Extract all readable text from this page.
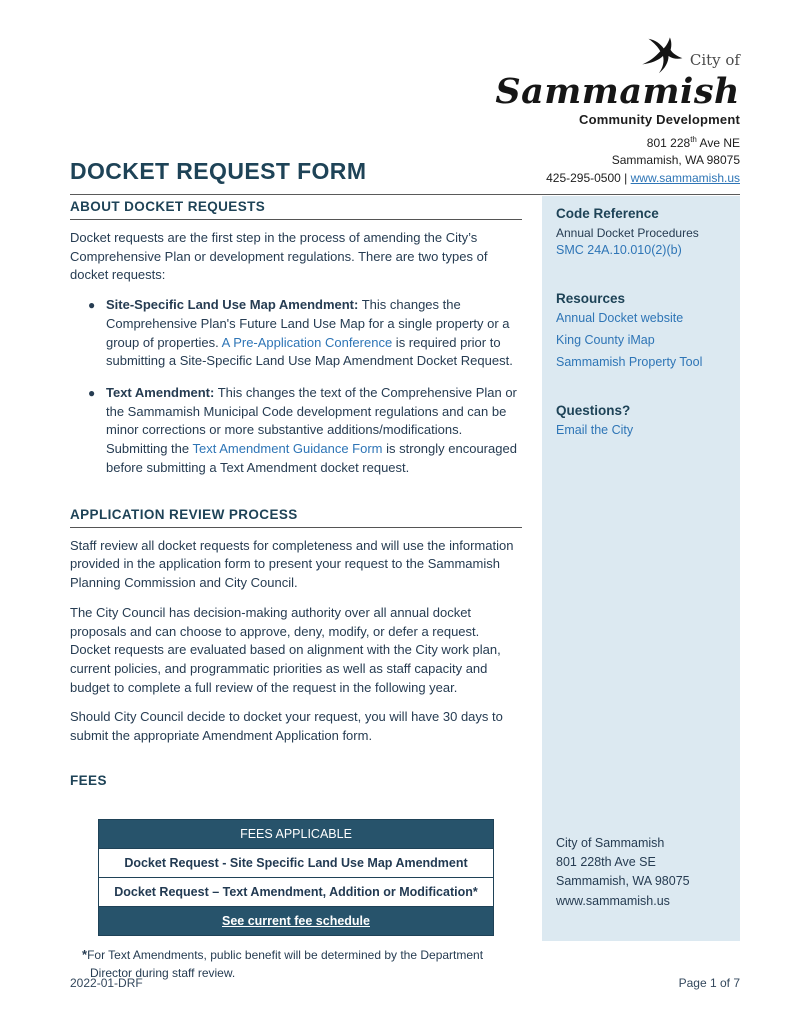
DOCKET REQUEST FORM
City of
Sammamish
Community Development
801 228th Ave NE
Sammamish, WA 98075
425-295-0500 | www.sammamish.us
ABOUT DOCKET REQUESTS
Docket requests are the first step in the process of amending the City’s Comprehensive Plan or development regulations. There are two types of docket requests:
● Site-Specific Land Use Map Amendment: This changes the Comprehensive Plan's Future Land Use Map for a single property or a group of properties. A Pre-Application Conference is required prior to submitting a Site-Specific Land Use Map Amendment Docket Request.
● Text Amendment: This changes the text of the Comprehensive Plan or the Sammamish Municipal Code development regulations and can be minor corrections or more substantive additions/modifications. Submitting the Text Amendment Guidance Form is strongly encouraged before submitting a Text Amendment docket request.
APPLICATION REVIEW PROCESS
Staff review all docket requests for completeness and will use the information provided in the application form to present your request to the Sammamish Planning Commission and City Council.
The City Council has decision-making authority over all annual docket proposals and can choose to approve, deny, modify, or defer a request. Docket requests are evaluated based on alignment with the City work plan, current policies, and programmatic priorities as well as staff capacity and budget to complete a full review of the request in the following year.
Should City Council decide to docket your request, you will have 30 days to submit the appropriate Amendment Application form.
FEES
FEES APPLICABLE
Docket Request - Site Specific Land Use Map Amendment
Docket Request – Text Amendment, Addition or Modification*
See current fee schedule
*For Text Amendments, public benefit will be determined by the Department Director during staff review.
Code Reference
Annual Docket Procedures
SMC 24A.10.010(2)(b)
Resources
Annual Docket website
King County iMap
Sammamish Property Tool
Questions?
Email the City
City of Sammamish
801 228th Ave SE
Sammamish, WA 98075
www.sammamish.us
2022-01-DRF	Page 1 of 7
